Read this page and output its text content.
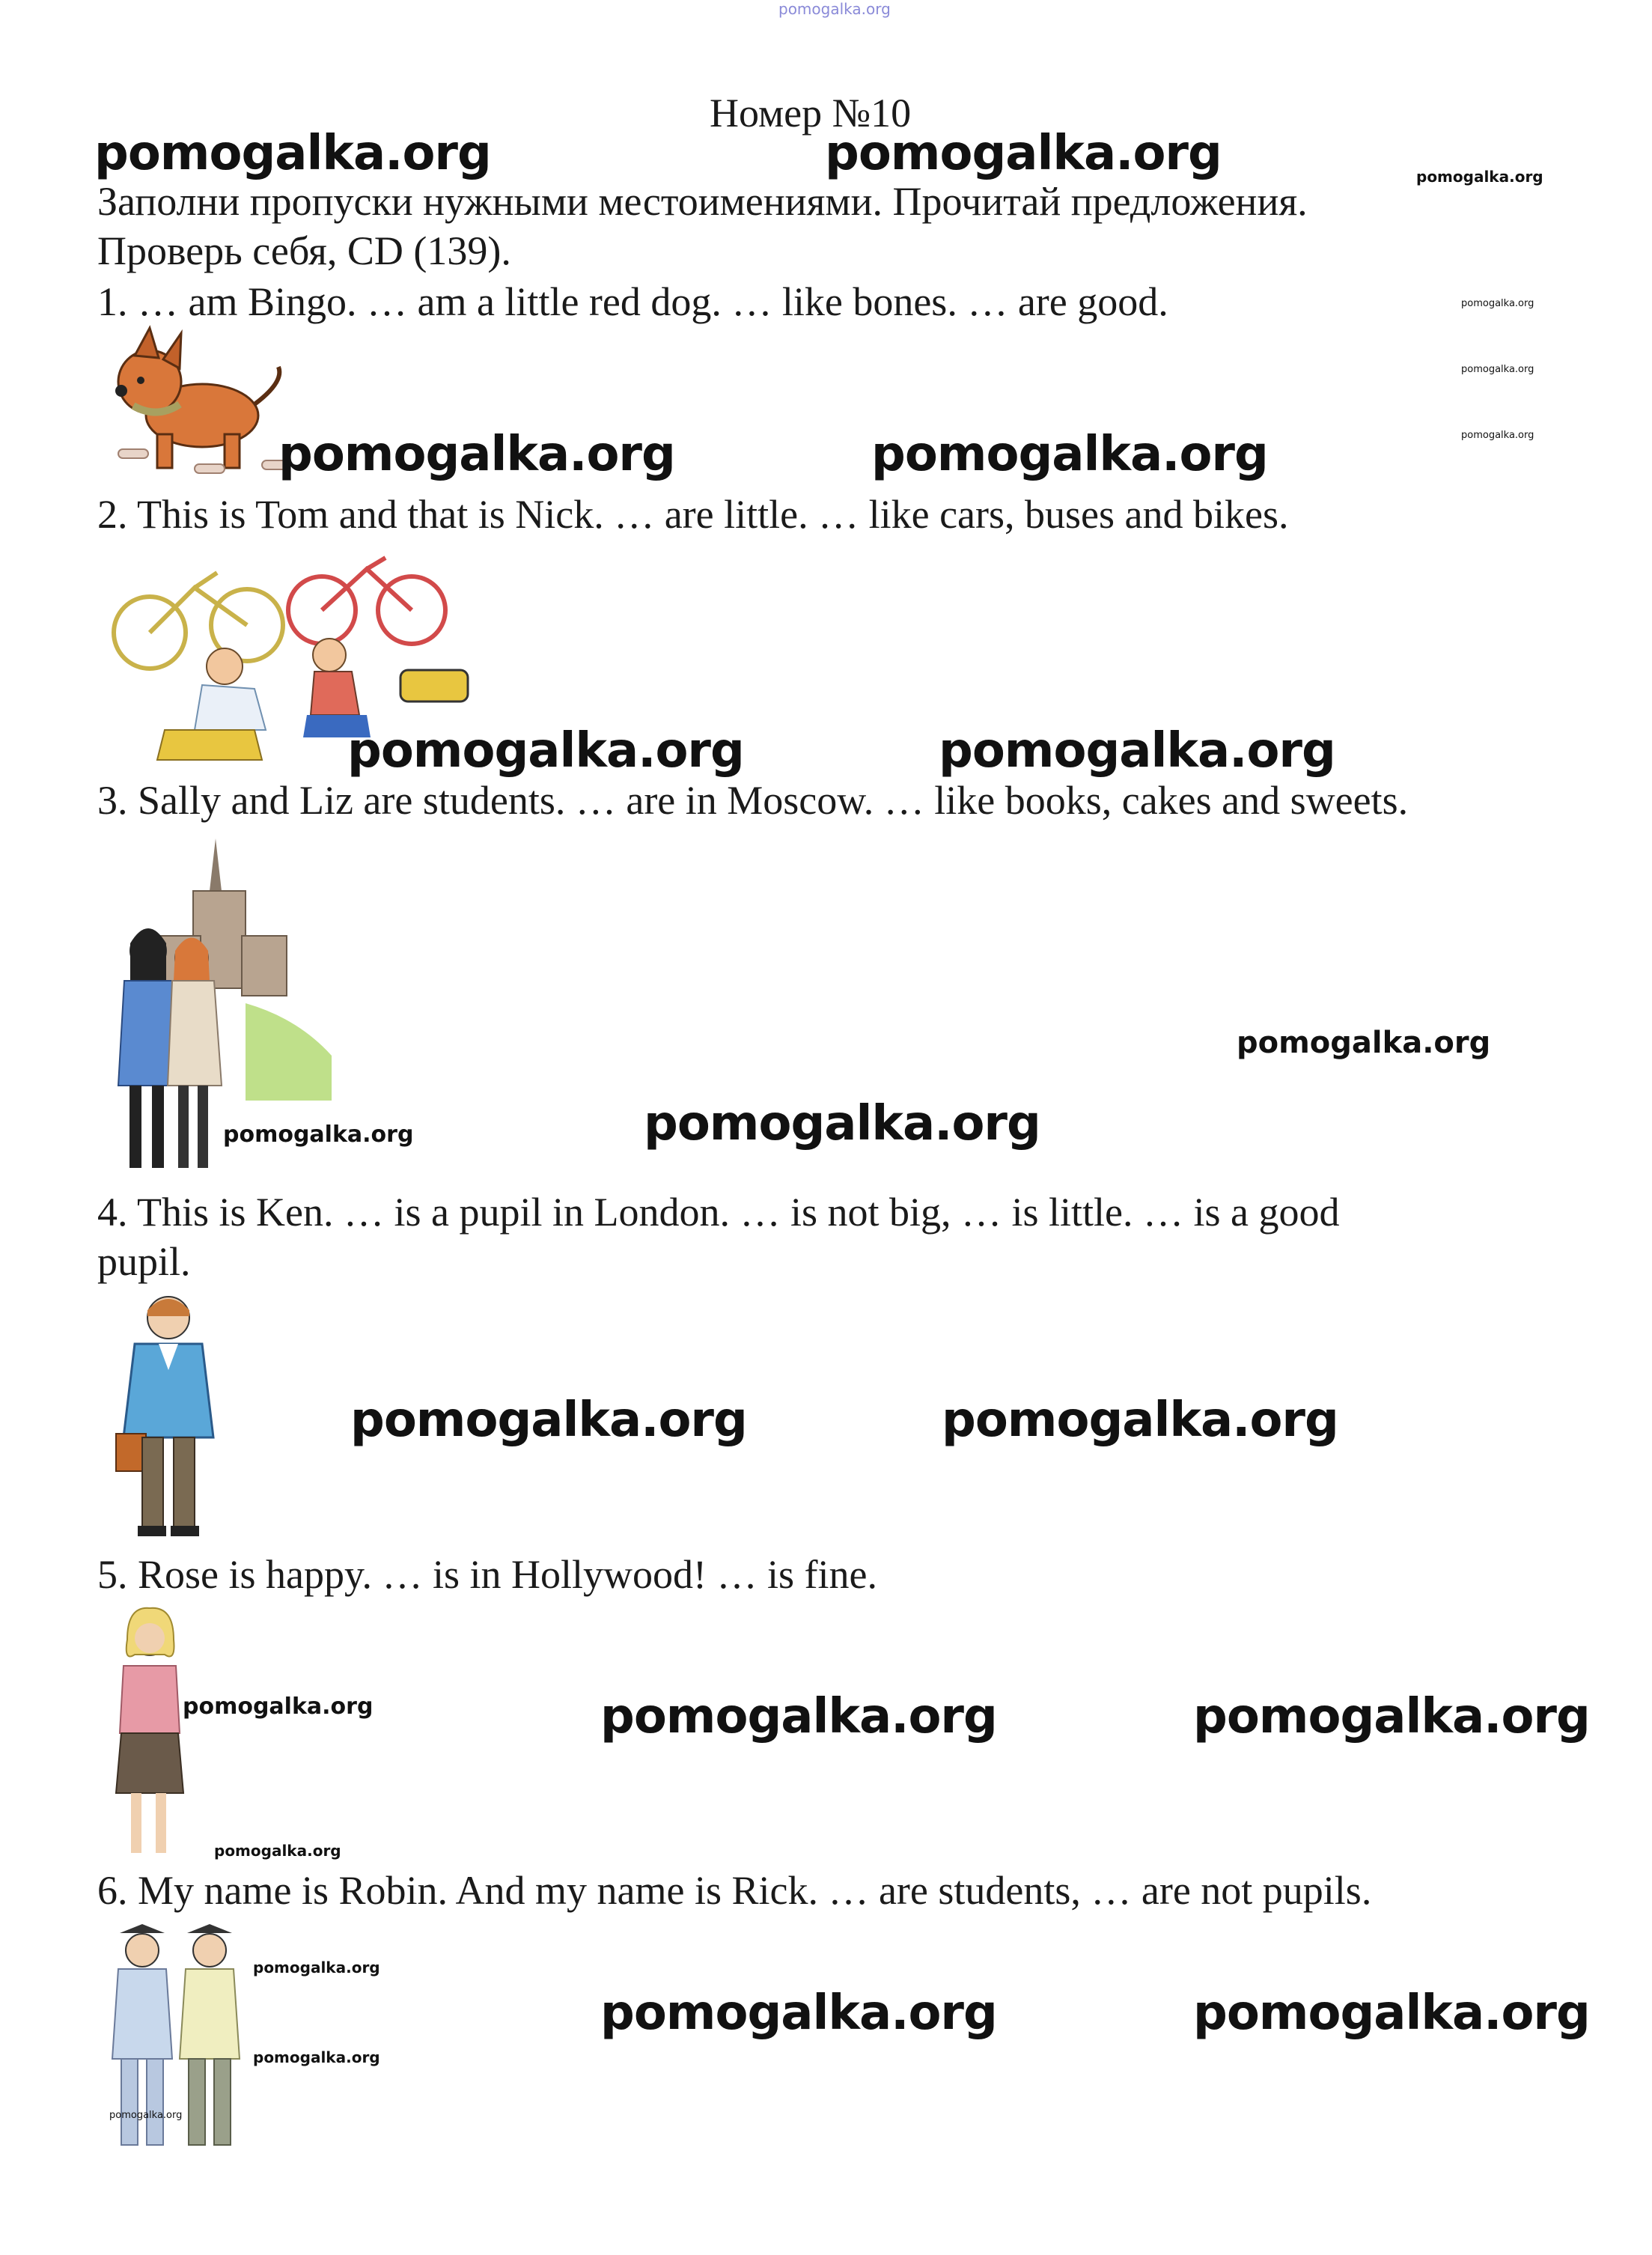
pomogalka.org
Номер №10
pomogalka.org	pomogalka.org	pomogalka.org
Заполни пропуски нужными местоимениями. Прочитай предложения.
Проверь себя, CD (139).
1. … am Bingo. … am a little red dog. … like bones. … are good.	pomogalka.org
pomogalka.org
pomogalka.org
pomogalka.org	pomogalka.org
2. This is Tom and that is Nick. … are little. … like cars, buses and bikes.
pomogalka.org	pomogalka.org
3. Sally and Liz are students. … are in Moscow. … like books, cakes and sweets.
pomogalka.org
pomogalka.org	pomogalka.org
4. This is Ken. … is a pupil in London. … is not big, … is little. … is a good
pupil.
pomogalka.org	pomogalka.org
5. Rose is happy. … is in Hollywood! … is fine.
pomogalka.org	pomogalka.org	pomogalka.org
pomogalka.org
6. My name is Robin. And my name is Rick. … are students, … are not pupils.
pomogalka.org
pomogalka.org
pomogalka.org
pomogalka.org	pomogalka.org
